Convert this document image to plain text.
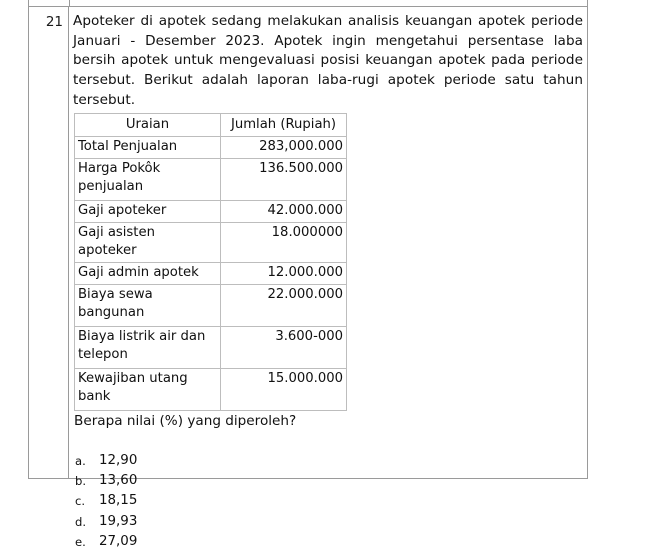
21 Apoteker di apotek sedang melakukan analisis keuangan apotek periode Januari - Desember 2023. Apotek ingin mengetahui persentase laba bersih apotek untuk mengevaluasi posisi keuangan apotek pada periode tersebut. Berikut adalah laporan laba-rugi apotek periode satu tahun tersebut.

Uraian	Jumlah (Rupiah)
Total Penjualan	283,000.000
Harga Pokôk penjualan	136.500.000
Gaji apoteker	42.000.000
Gaji asisten apoteker	18.000000
Gaji admin apotek	12.000.000
Biaya sewa bangunan	22.000.000
Biaya listrik air dan telepon	3.600-000
Kewajiban utang bank	15.000.000
Berapa nilai (%) yang diperoleh?
a. 12,90
b. 13,60
c.	18,15
d. 19,93
e. 27,09
